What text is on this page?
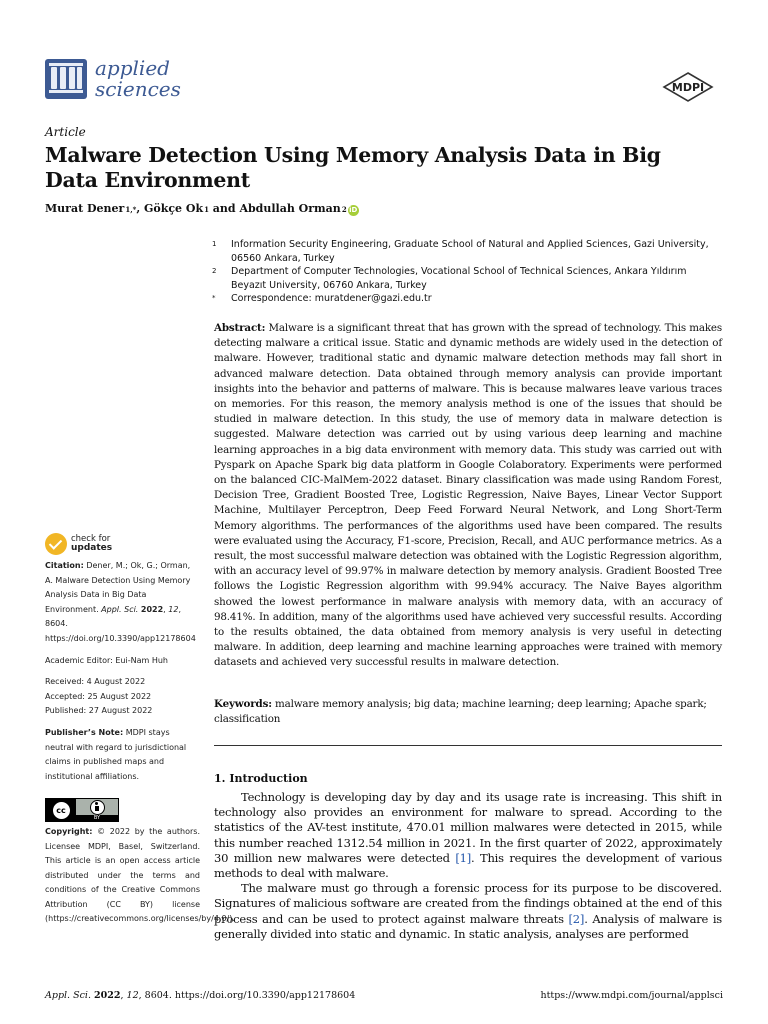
applied
sciences	MDPI
Article
Malware Detection Using Memory Analysis Data in Big Data Environment
Murat Dener 1,* , Gökçe Ok 1 and Abdullah Orman 2 iD
1	Information Security Engineering, Graduate School of Natural and Applied Sciences, Gazi University, 06560 Ankara, Turkey
2	Department of Computer Technologies, Vocational School of Technical Sciences, Ankara Yıldırım Beyazıt University, 06760 Ankara, Turkey
*	Correspondence: muratdener@gazi.edu.tr
Abstract: Malware is a significant threat that has grown with the spread of technology. This makes detecting malware a critical issue. Static and dynamic methods are widely used in the detection of malware. However, traditional static and dynamic malware detection methods may fall short in advanced malware detection. Data obtained through memory analysis can provide important insights into the behavior and patterns of malware. This is because malwares leave various traces on memories. For this reason, the memory analysis method is one of the issues that should be studied in malware detection. In this study, the use of memory data in malware detection is suggested. Malware detection was carried out by using various deep learning and machine learning approaches in a big data environment with memory data. This study was carried out with Pyspark on Apache Spark big data platform in Google Colaboratory. Experiments were performed on the balanced CIC-MalMem-2022 dataset. Binary classification was made using Random Forest, Decision Tree, Gradient Boosted Tree, Logistic Regression, Naive Bayes, Linear Vector Support Machine, Multilayer Perceptron, Deep Feed Forward Neural Network, and Long Short-Term Memory algorithms. The performances of the algorithms used have been compared. The results were evaluated using the Accuracy, F1-score, Precision, Recall, and AUC performance metrics. As a result, the most successful malware detection was obtained with the Logistic Regression algorithm, with an accuracy level of 99.97% in malware detection by memory analysis. Gradient Boosted Tree follows the Logistic Regression algorithm with 99.94% accuracy. The Naive Bayes algorithm showed the lowest performance in malware analysis with memory data, with an accuracy of 98.41%. In addition, many of the algorithms used have achieved very successful results. According to the results obtained, the data obtained from memory analysis is very useful in detecting malware. In addition, deep learning and machine learning approaches were trained with memory datasets and achieved very successful results in malware detection.
Keywords: malware memory analysis; big data; machine learning; deep learning; Apache spark; classification
1. Introduction

Technology is developing day by day and its usage rate is increasing. This shift in technology also provides an environment for malware to spread. According to the statistics of the AV-test institute, 470.01 million malwares were detected in 2015, while this number reached 1312.54 million in 2021. In the first quarter of 2022, approximately 30 million new malwares were detected [1]. This requires the development of various methods to deal with malware.

The malware must go through a forensic process for its purpose to be discovered. Signatures of malicious software are created from the findings obtained at the end of this process and can be used to protect against malware threats [2]. Analysis of malware is generally divided into static and dynamic. In static analysis, analyses are performed

check for
updates
Citation: Dener, M.; Ok, G.; Orman, A. Malware Detection Using Memory Analysis Data in Big Data Environment. Appl. Sci. 2022, 12, 8604. https://doi.org/10.3390/app12178604
Academic Editor: Eui-Nam Huh
Received: 4 August 2022
Accepted: 25 August 2022
Published: 27 August 2022
Publisher’s Note: MDPI stays neutral with regard to jurisdictional claims in published maps and institutional affiliations.
cc
BY
Copyright: © 2022 by the authors. Licensee MDPI, Basel, Switzerland. This article is an open access article distributed under the terms and conditions of the Creative Commons Attribution (CC BY) license (https://creativecommons.org/licenses/by/4.0/).
Appl. Sci. 2022, 12, 8604. https://doi.org/10.3390/app12178604	https://www.mdpi.com/journal/applsci
